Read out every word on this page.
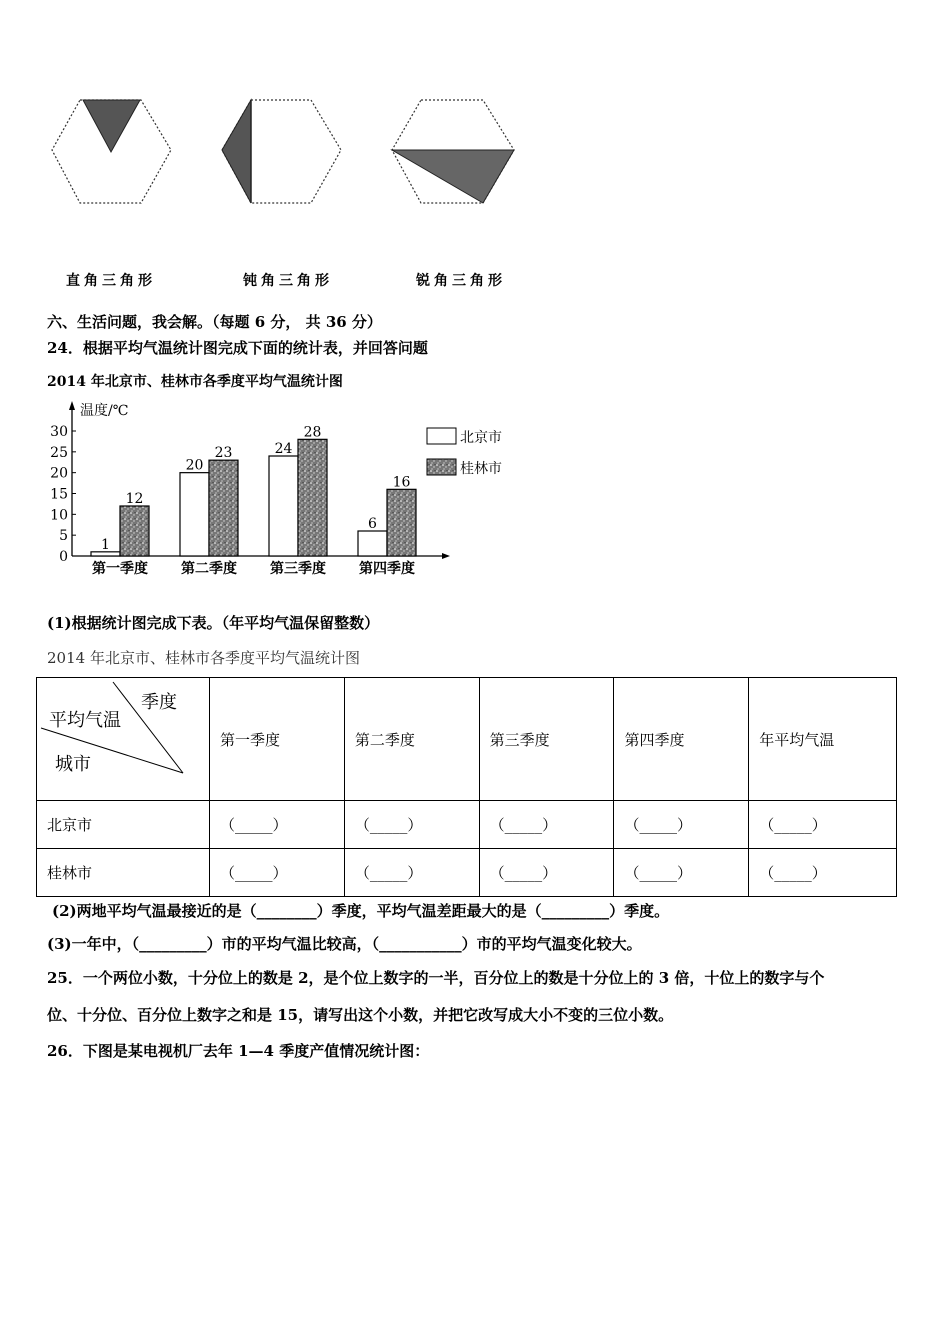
直角三角形	钝角三角形	锐角三角形
六、生活问题，我会解。（每题 6 分， 共 36 分）
24．根据平均气温统计图完成下面的统计表，并回答问题
2014 年北京市、桂林市各季度平均气温统计图
温度/℃
0
5
10
15
20
25
30
1
12
第一季度
20
23
第二季度
24
28
第三季度
6
16
第四季度
北京市
桂林市
(1)根据统计图完成下表。（年平均气温保留整数）
2014 年北京市、桂林市各季度平均气温统计图
季度
平均气温
城市	第一季度	第二季度	第三季度	第四季度	年平均气温
北京市	（_____）	（_____）	（_____）	（_____）	（_____）
桂林市	（_____）	（_____）	（_____）	（_____）	（_____）
(2)两地平均气温最接近的是（________）季度，平均气温差距最大的是（_________）季度。
(3)一年中，（_________）市的平均气温比较高，（___________）市的平均气温变化较大。
25．一个两位小数，十分位上的数是 2，是个位上数字的一半，百分位上的数是十分位上的 3 倍，十位上的数字与个
位、十分位、百分位上数字之和是 15，请写出这个小数，并把它改写成大小不变的三位小数。
26．下图是某电视机厂去年 1—4 季度产值情况统计图：
